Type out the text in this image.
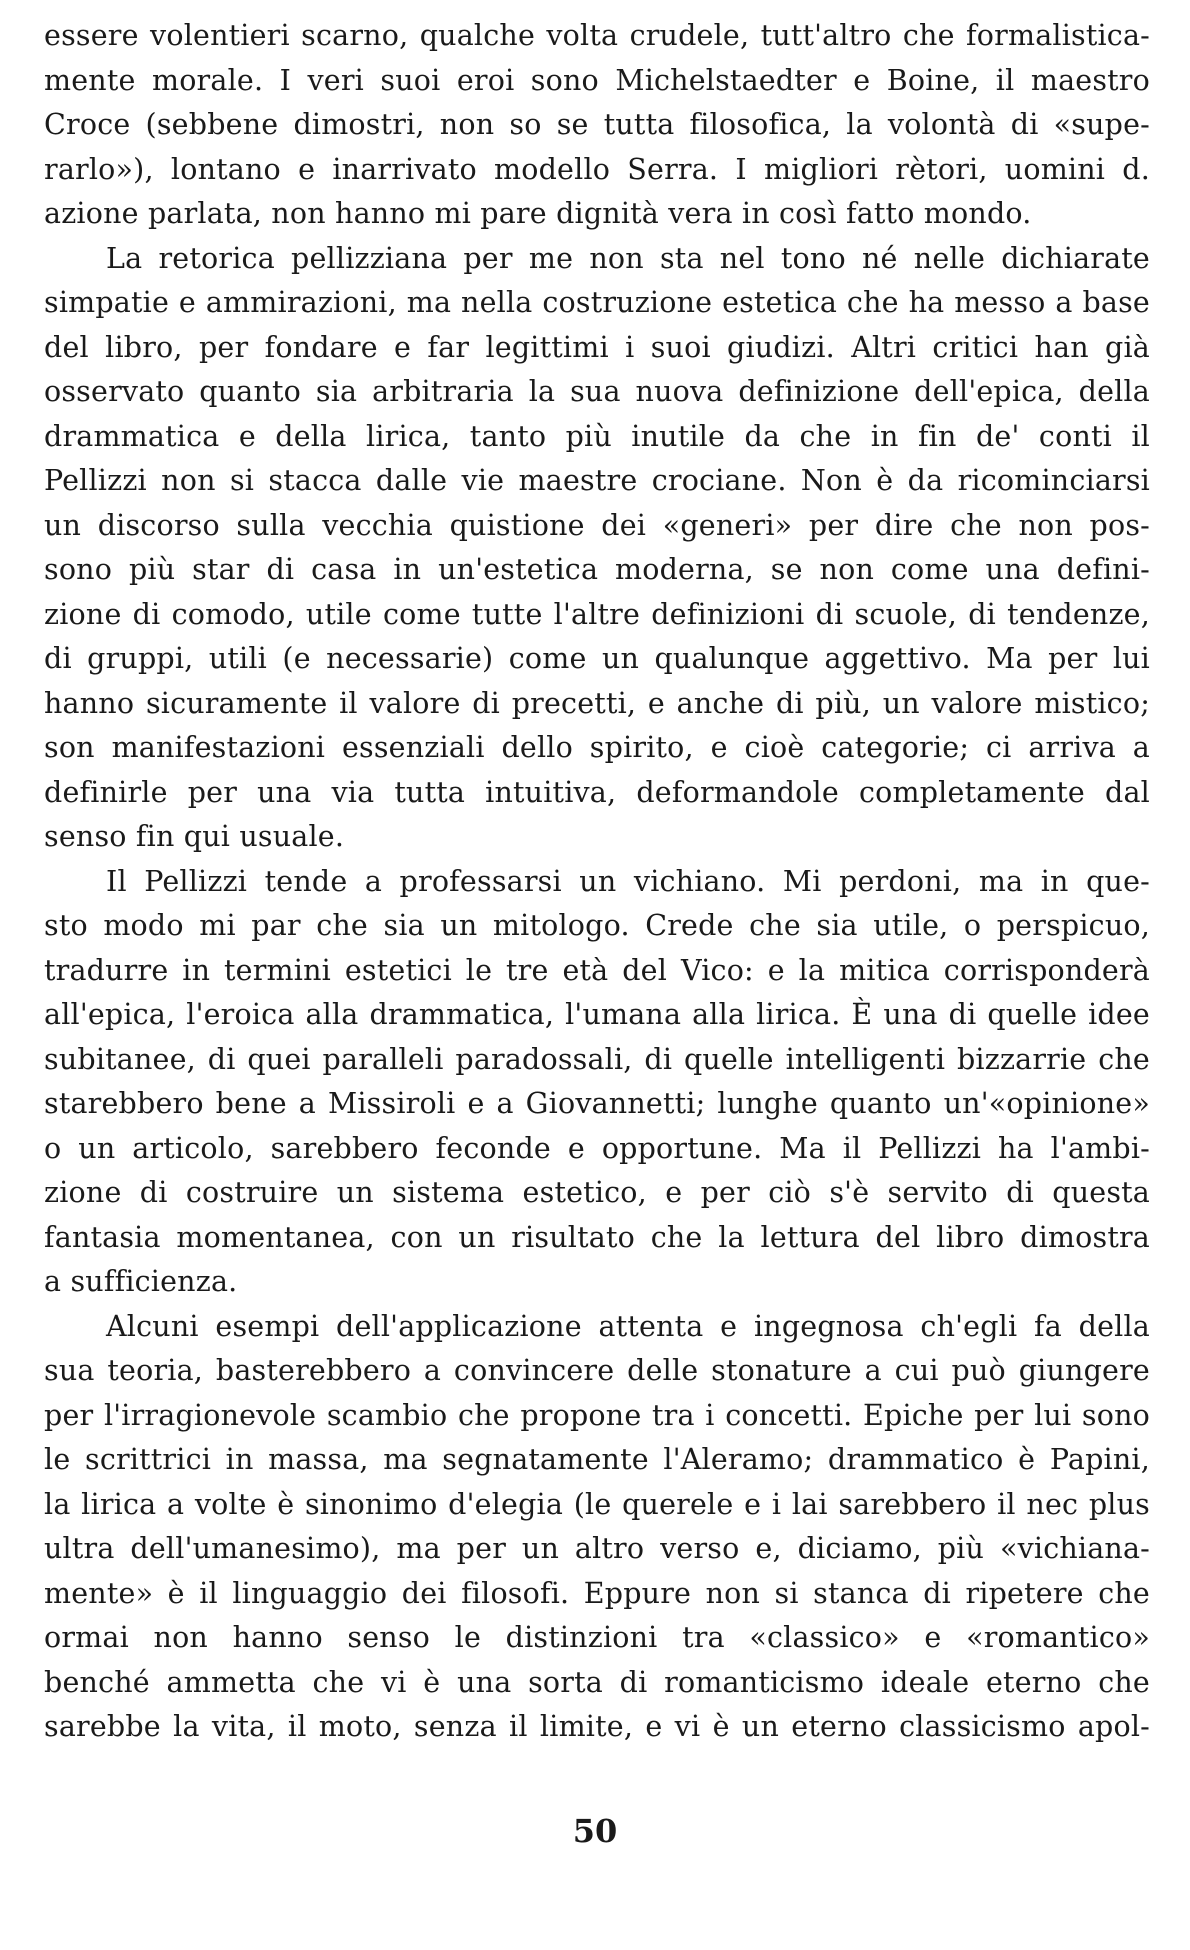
essere volentieri scarno, qualche volta crudele, tutt'altro che formalistica-
mente morale. I veri suoi eroi sono Michelstaedter e Boine, il maestro
Croce (sebbene dimostri, non so se tutta filosofica, la volontà di «supe-
rarlo»), lontano e inarrivato modello Serra. I migliori rètori, uomini d.
azione parlata, non hanno mi pare dignità vera in così fatto mondo.
La retorica pellizziana per me non sta nel tono né nelle dichiarate
simpatie e ammirazioni, ma nella costruzione estetica che ha messo a base
del libro, per fondare e far legittimi i suoi giudizi. Altri critici han già
osservato quanto sia arbitraria la sua nuova definizione dell'epica, della
drammatica e della lirica, tanto più inutile da che in fin de' conti il
Pellizzi non si stacca dalle vie maestre crociane. Non è da ricominciarsi
un discorso sulla vecchia quistione dei «generi» per dire che non pos-
sono più star di casa in un'estetica moderna, se non come una defini-
zione di comodo, utile come tutte l'altre definizioni di scuole, di tendenze,
di gruppi, utili (e necessarie) come un qualunque aggettivo. Ma per lui
hanno sicuramente il valore di precetti, e anche di più, un valore mistico;
son manifestazioni essenziali dello spirito, e cioè categorie; ci arriva a
definirle per una via tutta intuitiva, deformandole completamente dal
senso fin qui usuale.
Il Pellizzi tende a professarsi un vichiano. Mi perdoni, ma in que-
sto modo mi par che sia un mitologo. Crede che sia utile, o perspicuo,
tradurre in termini estetici le tre età del Vico: e la mitica corrisponderà
all'epica, l'eroica alla drammatica, l'umana alla lirica. È una di quelle idee
subitanee, di quei paralleli paradossali, di quelle intelligenti bizzarrie che
starebbero bene a Missiroli e a Giovannetti; lunghe quanto un'«opinione»
o un articolo, sarebbero feconde e opportune. Ma il Pellizzi ha l'ambi-
zione di costruire un sistema estetico, e per ciò s'è servito di questa
fantasia momentanea, con un risultato che la lettura del libro dimostra
a sufficienza.
Alcuni esempi dell'applicazione attenta e ingegnosa ch'egli fa della
sua teoria, basterebbero a convincere delle stonature a cui può giungere
per l'irragionevole scambio che propone tra i concetti. Epiche per lui sono
le scrittrici in massa, ma segnatamente l'Aleramo; drammatico è Papini,
la lirica a volte è sinonimo d'elegia (le querele e i lai sarebbero il nec plus
ultra dell'umanesimo), ma per un altro verso e, diciamo, più «vichiana-
mente» è il linguaggio dei filosofi. Eppure non si stanca di ripetere che
ormai non hanno senso le distinzioni tra «classico» e «romantico»
benché ammetta che vi è una sorta di romanticismo ideale eterno che
sarebbe la vita, il moto, senza il limite, e vi è un eterno classicismo apol-
50
